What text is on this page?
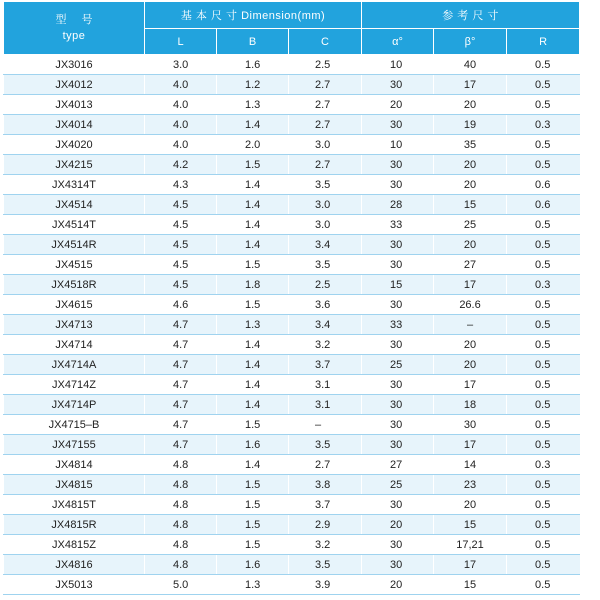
型 号
type	基 本 尺 寸 Dimension(mm)			参 考 尺 寸		
	L	B	C	α°	β°	R
JX3016	3.0	1.6	2.5	10	40	0.5
JX4012	4.0	1.2	2.7	30	17	0.5
JX4013	4.0	1.3	2.7	20	20	0.5
JX4014	4.0	1.4	2.7	30	19	0.3
JX4020	4.0	2.0	3.0	10	35	0.5
JX4215	4.2	1.5	2.7	30	20	0.5
JX4314T	4.3	1.4	3.5	30	20	0.6
JX4514	4.5	1.4	3.0	28	15	0.6
JX4514T	4.5	1.4	3.0	33	25	0.5
JX4514R	4.5	1.4	3.4	30	20	0.5
JX4515	4.5	1.5	3.5	30	27	0.5
JX4518R	4.5	1.8	2.5	15	17	0.3
JX4615	4.6	1.5	3.6	30	26.6	0.5
JX4713	4.7	1.3	3.4	33	–	0.5
JX4714	4.7	1.4	3.2	30	20	0.5
JX4714A	4.7	1.4	3.7	25	20	0.5
JX4714Z	4.7	1.4	3.1	30	17	0.5
JX4714P	4.7	1.4	3.1	30	18	0.5
JX4715–B	4.7	1.5	–	30	30	0.5
JX47155	4.7	1.6	3.5	30	17	0.5
JX4814	4.8	1.4	2.7	27	14	0.3
JX4815	4.8	1.5	3.8	25	23	0.5
JX4815T	4.8	1.5	3.7	30	20	0.5
JX4815R	4.8	1.5	2.9	20	15	0.5
JX4815Z	4.8	1.5	3.2	30	17,21	0.5
JX4816	4.8	1.6	3.5	30	17	0.5
JX5013	5.0	1.3	3.9	20	15	0.5
